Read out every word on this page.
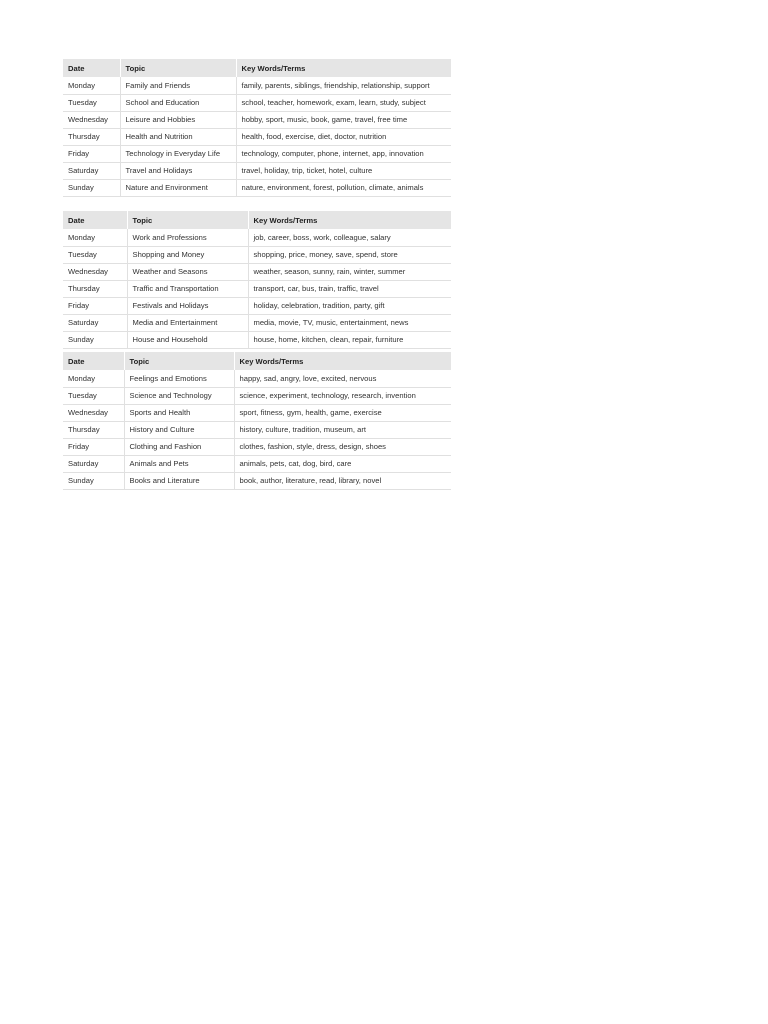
Date	Topic	Key Words/Terms
Monday	Family and Friends	family, parents, siblings, friendship, relationship, support
Tuesday	School and Education	school, teacher, homework, exam, learn, study, subject
Wednesday	Leisure and Hobbies	hobby, sport, music, book, game, travel, free time
Thursday	Health and Nutrition	health, food, exercise, diet, doctor, nutrition
Friday	Technology in Everyday Life	technology, computer, phone, internet, app, innovation
Saturday	Travel and Holidays	travel, holiday, trip, ticket, hotel, culture
Sunday	Nature and Environment	nature, environment, forest, pollution, climate, animals
Date	Topic	Key Words/Terms
Monday	Work and Professions	job, career, boss, work, colleague, salary
Tuesday	Shopping and Money	shopping, price, money, save, spend, store
Wednesday	Weather and Seasons	weather, season, sunny, rain, winter, summer
Thursday	Traffic and Transportation	transport, car, bus, train, traffic, travel
Friday	Festivals and Holidays	holiday, celebration, tradition, party, gift
Saturday	Media and Entertainment	media, movie, TV, music, entertainment, news
Sunday	House and Household	house, home, kitchen, clean, repair, furniture
Date	Topic	Key Words/Terms
Monday	Feelings and Emotions	happy, sad, angry, love, excited, nervous
Tuesday	Science and Technology	science, experiment, technology, research, invention
Wednesday	Sports and Health	sport, fitness, gym, health, game, exercise
Thursday	History and Culture	history, culture, tradition, museum, art
Friday	Clothing and Fashion	clothes, fashion, style, dress, design, shoes
Saturday	Animals and Pets	animals, pets, cat, dog, bird, care
Sunday	Books and Literature	book, author, literature, read, library, novel
